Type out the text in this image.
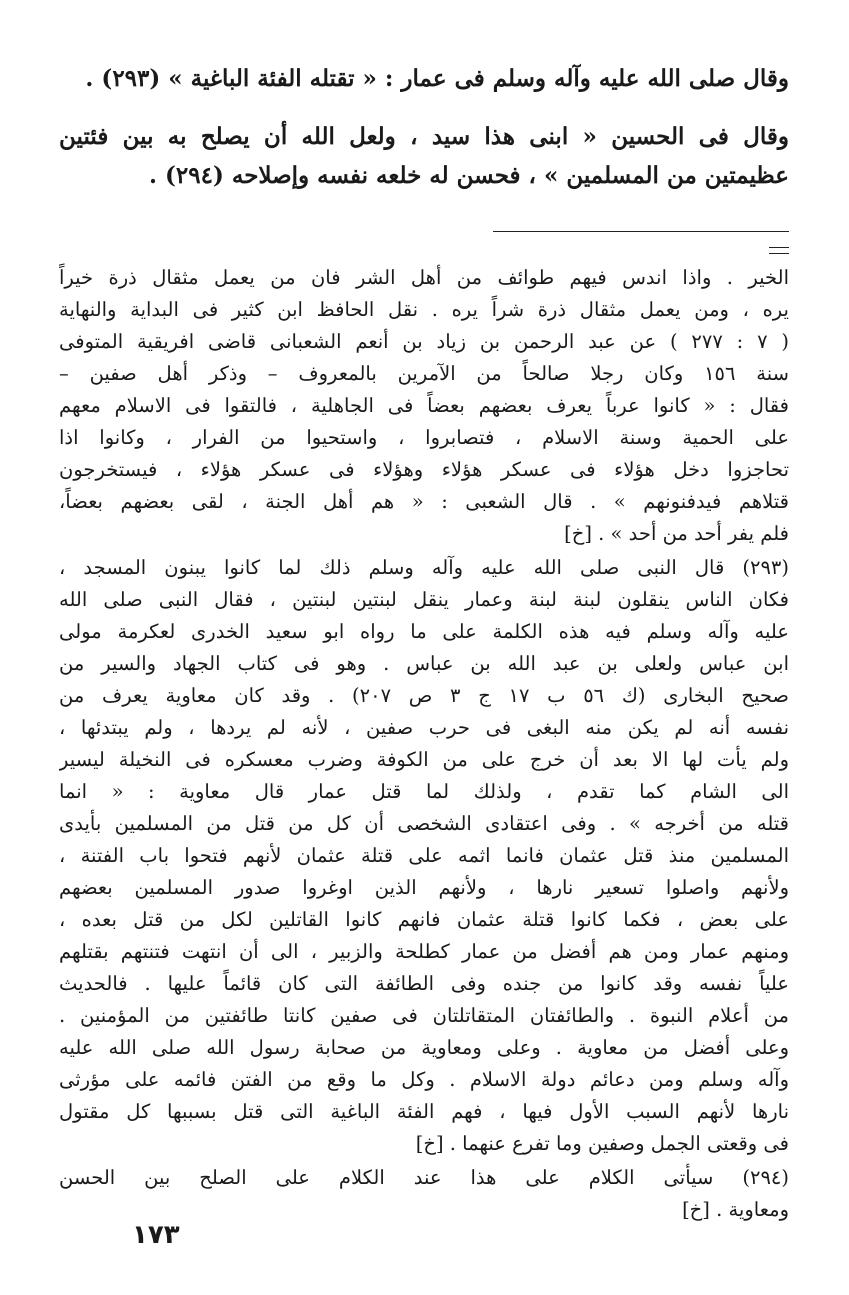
وقال صلى الله عليه وآله وسلم فى عمار : « تقتله الفئة الباغية » (٢٩٣) .
وقال فى الحسين « ابنى هذا سيد ، ولعل الله أن يصلح به بين فئتين
عظيمتين من المسلمين » ، فحسن له خلعه نفسه وإصلاحه (٢٩٤) .
الخير . واذا اندس فيهم طوائف من أهل الشر فان من يعمل مثقال ذرة خيراً
يره ، ومن يعمل مثقال ذرة شراً يره . نقل الحافظ ابن كثير فى البداية والنهاية
( ٧ : ٢٧٧ ) عن عبد الرحمن بن زياد بن أنعم الشعبانى قاضى افريقية المتوفى
سنة ١٥٦ وكان رجلا صالحاً من الآمرين بالمعروف – وذكر أهل صفين –
فقال : « كانوا عرباً يعرف بعضهم بعضاً فى الجاهلية ، فالتقوا فى الاسلام معهم
على الحمية وسنة الاسلام ، فتصابروا ، واستحيوا من الفرار ، وكانوا اذا
تحاجزوا دخل هؤلاء فى عسكر هؤلاء وهؤلاء فى عسكر هؤلاء ، فيستخرجون
قتلاهم فيدفنونهم » . قال الشعبى : « هم أهل الجنة ، لقى بعضهم بعضاً،
فلم يفر أحد من أحد » . [خ]
(٢٩٣) قال النبى صلى الله عليه وآله وسلم ذلك لما كانوا يبنون المسجد ،
فكان الناس ينقلون لبنة لبنة وعمار ينقل لبنتين لبنتين ، فقال النبى صلى الله
عليه وآله وسلم فيه هذه الكلمة على ما رواه ابو سعيد الخدرى لعكرمة مولى
ابن عباس ولعلى بن عبد الله بن عباس . وهو فى كتاب الجهاد والسير من
صحيح البخارى (ك ٥٦ ب ١٧ ج ٣ ص ٢٠٧) . وقد كان معاوية يعرف من
نفسه أنه لم يكن منه البغى فى حرب صفين ، لأنه لم يردها ، ولم يبتدئها ،
ولم يأت لها الا بعد أن خرج على من الكوفة وضرب معسكره فى النخيلة ليسير
الى الشام كما تقدم ، ولذلك لما قتل عمار قال معاوية : « انما
قتله من أخرجه » . وفى اعتقادى الشخصى أن كل من قتل من المسلمين بأيدى
المسلمين منذ قتل عثمان فانما اثمه على قتلة عثمان لأنهم فتحوا باب الفتنة ،
ولأنهم واصلوا تسعير نارها ، ولأنهم الذين اوغروا صدور المسلمين بعضهم
على بعض ، فكما كانوا قتلة عثمان فانهم كانوا القاتلين لكل من قتل بعده ،
ومنهم عمار ومن هم أفضل من عمار كطلحة والزبير ، الى أن انتهت فتنتهم بقتلهم
علياً نفسه وقد كانوا من جنده وفى الطائفة التى كان قائماً عليها . فالحديث
من أعلام النبوة . والطائفتان المتقاتلتان فى صفين كانتا طائفتين من المؤمنين .
وعلى أفضل من معاوية . وعلى ومعاوية من صحابة رسول الله صلى الله عليه
وآله وسلم ومن دعائم دولة الاسلام . وكل ما وقع من الفتن فائمه على مؤرثى
نارها لأنهم السبب الأول فيها ، فهم الفئة الباغية التى قتل بسببها كل مقتول
فى وقعتى الجمل وصفين وما تفرع عنهما . [خ]
(٢٩٤) سيأتى الكلام على هذا عند الكلام على الصلح بين الحسن
ومعاوية . [خ]
١٧٣
